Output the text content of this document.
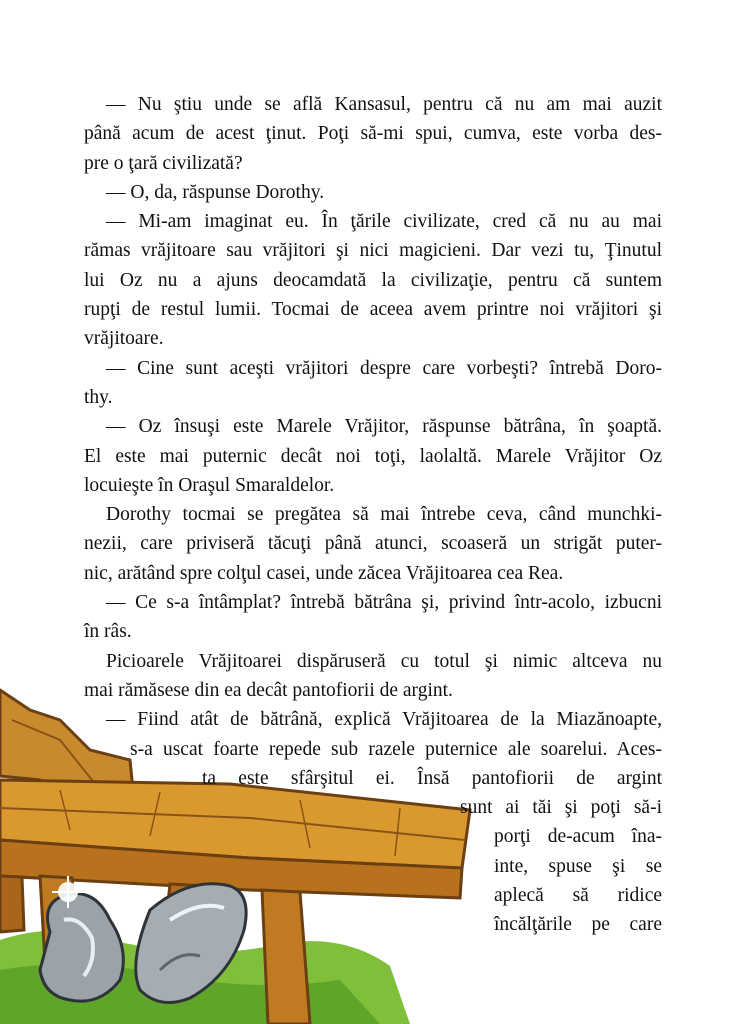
— Nu ştiu unde se află Kansasul, pentru că nu am mai auzit
până acum de acest ţinut. Poţi să-mi spui, cumva, este vorba des-
pre o ţară civilizată?

— O, da, răspunse Dorothy.

— Mi-am imaginat eu. În ţările civilizate, cred că nu au mai
rămas vrăjitoare sau vrăjitori şi nici magicieni. Dar vezi tu, Ţinutul
lui Oz nu a ajuns deocamdată la civilizaţie, pentru că suntem
rupţi de restul lumii. Tocmai de aceea avem printre noi vrăjitori şi
vrăjitoare.

— Cine sunt aceşti vrăjitori despre care vorbeşti? întrebă Doro-
thy.

— Oz însuşi este Marele Vrăjitor, răspunse bătrâna, în şoaptă.
El este mai puternic decât noi toţi, laolaltă. Marele Vrăjitor Oz
locuieşte în Oraşul Smaraldelor.

Dorothy tocmai se pregătea să mai întrebe ceva, când munchki-
nezii, care priviseră tăcuţi până atunci, scoaseră un strigăt puter-
nic, arătând spre colţul casei, unde zăcea Vrăjitoarea cea Rea.

— Ce s-a întâmplat? întrebă bătrâna şi, privind într-acolo, izbucni
în râs.

Picioarele Vrăjitoarei dispăruseră cu totul şi nimic altceva nu
mai rămăsese din ea decât pantofiorii de argint.

— Fiind atât de bătrână, explică Vrăjitoarea de la Miazănoapte,
s-a uscat foarte repede sub razele puternice ale soarelui. Aces-
ta este sfârşitul ei. Însă pantofiorii de argint
sunt ai tăi şi poţi să-i
porţi de-acum îna-
inte, spuse şi se
aplecă să ridice
încălţările pe care
